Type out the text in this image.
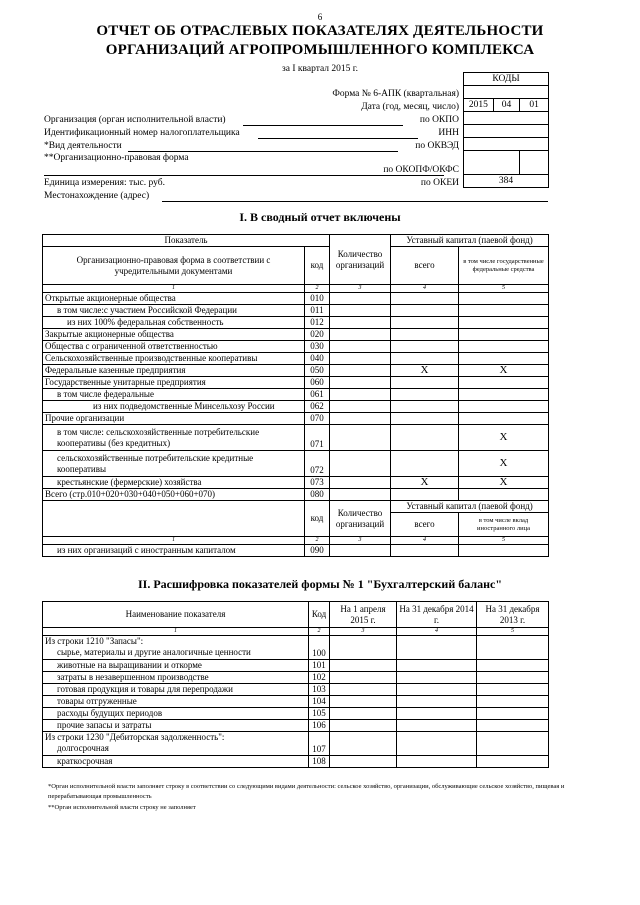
6
ОТЧЕТ ОБ ОТРАСЛЕВЫХ ПОКАЗАТЕЛЯХ ДЕЯТЕЛЬНОСТИ
ОРГАНИЗАЦИЙ АГРОПРОМЫШЛЕННОГО КОМПЛЕКСА
за I квартал 2015 г.
КОДЫ		

2015	04	01

384		
Форма № 6-АПК (квартальная)
Дата (год, месяц, число)
по ОКПО
ИНН
по ОКВЭД
по ОКОПФ/ОКФС
по ОКЕИ
Организация (орган исполнительной власти)
Идентификационный номер налогоплательщика
*Вид деятельности
**Организационно-правовая форма
Единица измерения: тыс. руб.
Местонахождение (адрес)
I. В сводный отчет включены
Показатель		Количество организаций	Уставный капитал (паевой фонд)	
Организационно-правовая форма в соответствии с учредительными документами	код		всего	в том числе государственные федеральные средства
1	2	3	4	5
Открытые акционерные общества	010			
в том числе:с участием Российской Федерации	011			
из них 100% федеральная собственность	012			
Закрытые акционерные общества	020			
Общества с ограниченной ответственностью	030			
Сельскохозяйственные производственные кооперативы	040			
Федеральные казенные предприятия	050		X	X
Государственные унитарные предприятия	060			
в том числе федеральные	061			
из них подведомственные Минсельхозу России	062			
Прочие организации	070			
в том числе: сельскохозяйственные потребительские кооперативы (без кредитных)	071			X
сельскохозяйственные потребительские кредитные кооперативы	072			X
крестьянские (фермерские) хозяйства	073		X	X
Всего (стр.010+020+030+040+050+060+070)	080			
	код	Количество организаций	Уставный капитал (паевой фонд)	
			всего	в том числе вклад иностранного лица
1	2	3	4	5
из них организаций с иностранным капиталом	090			
II. Расшифровка показателей формы № 1 "Бухгалтерский баланс"
Наименование показателя	Код	На 1 апреля 2015 г.	На 31 декабря 2014 г.	На 31 декабря 2013 г.
1	2	3	4	5

Из строки 1210 "Запасы":
сырье, материалы и другие аналогичные ценности	100			
животные на выращивании и откорме	101			
затраты в незавершенном производстве	102			
готовая продукция и товары для перепродажи	103			
товары отгруженные	104			
расходы будущих периодов	105			
прочие запасы и затраты	106			

Из строки 1230 "Дебиторская задолженность":
долгосрочная	107			
краткосрочная	108			
*Орган исполнительной власти заполняет строку в соответствии со следующими видами деятельности: сельское хозяйство, организации, обслуживающие сельское хозяйство, пищевая и перерабатывающая промышленность
**Орган исполнительной власти строку не заполняет
